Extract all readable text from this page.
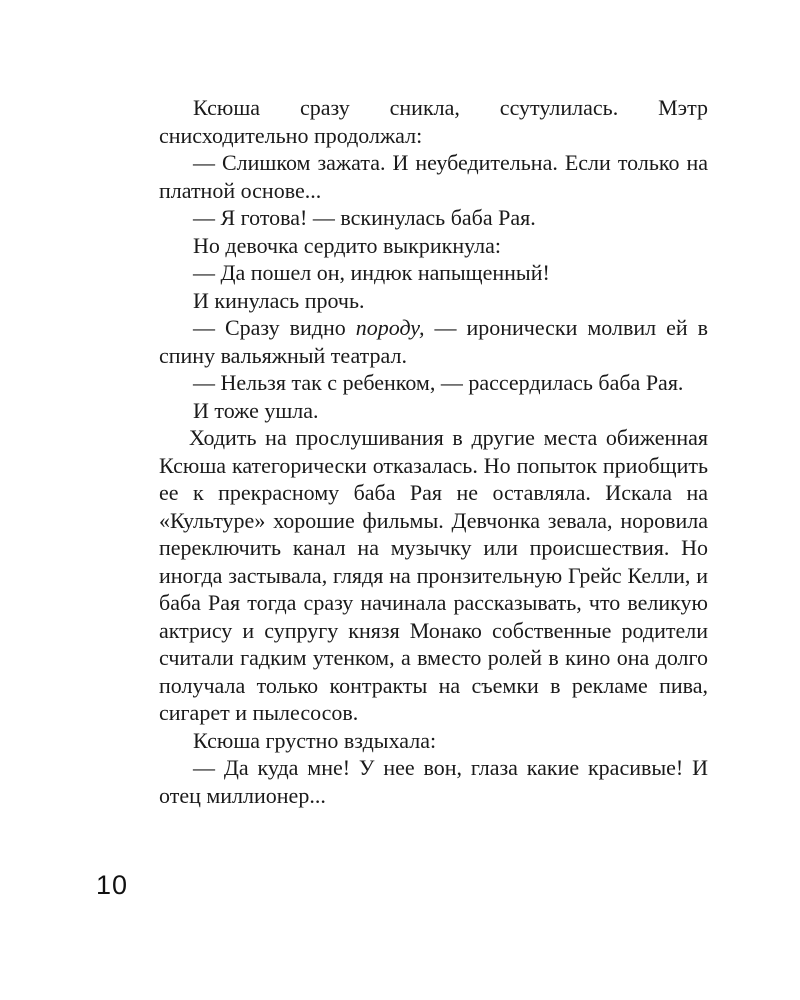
Ксюша сразу сникла, ссутулилась. Мэтр снисходительно продолжал:

— Слишком зажата. И неубедительна. Если только на платной основе...

— Я готова! — вскинулась баба Рая.

Но девочка сердито выкрикнула:

— Да пошел он, индюк напыщенный!

И кинулась прочь.

— Сразу видно породу, — иронически молвил ей в спину вальяжный театрал.

— Нельзя так с ребенком, — рассердилась баба Рая.

И тоже ушла.

Ходить на прослушивания в другие места обиженная Ксюша категорически отказалась. Но попыток приобщить ее к прекрасному баба Рая не оставляла. Искала на «Культуре» хорошие фильмы. Девчонка зевала, норовила переключить канал на музычку или происшествия. Но иногда застывала, глядя на пронзительную Грейс Келли, и баба Рая тогда сразу начинала рассказывать, что великую актрису и супругу князя Монако собственные родители считали гадким утенком, а вместо ролей в кино она долго получала только контракты на съемки в рекламе пива, сигарет и пылесосов.

Ксюша грустно вздыхала:

— Да куда мне! У нее вон, глаза какие красивые! И отец миллионер...

10
